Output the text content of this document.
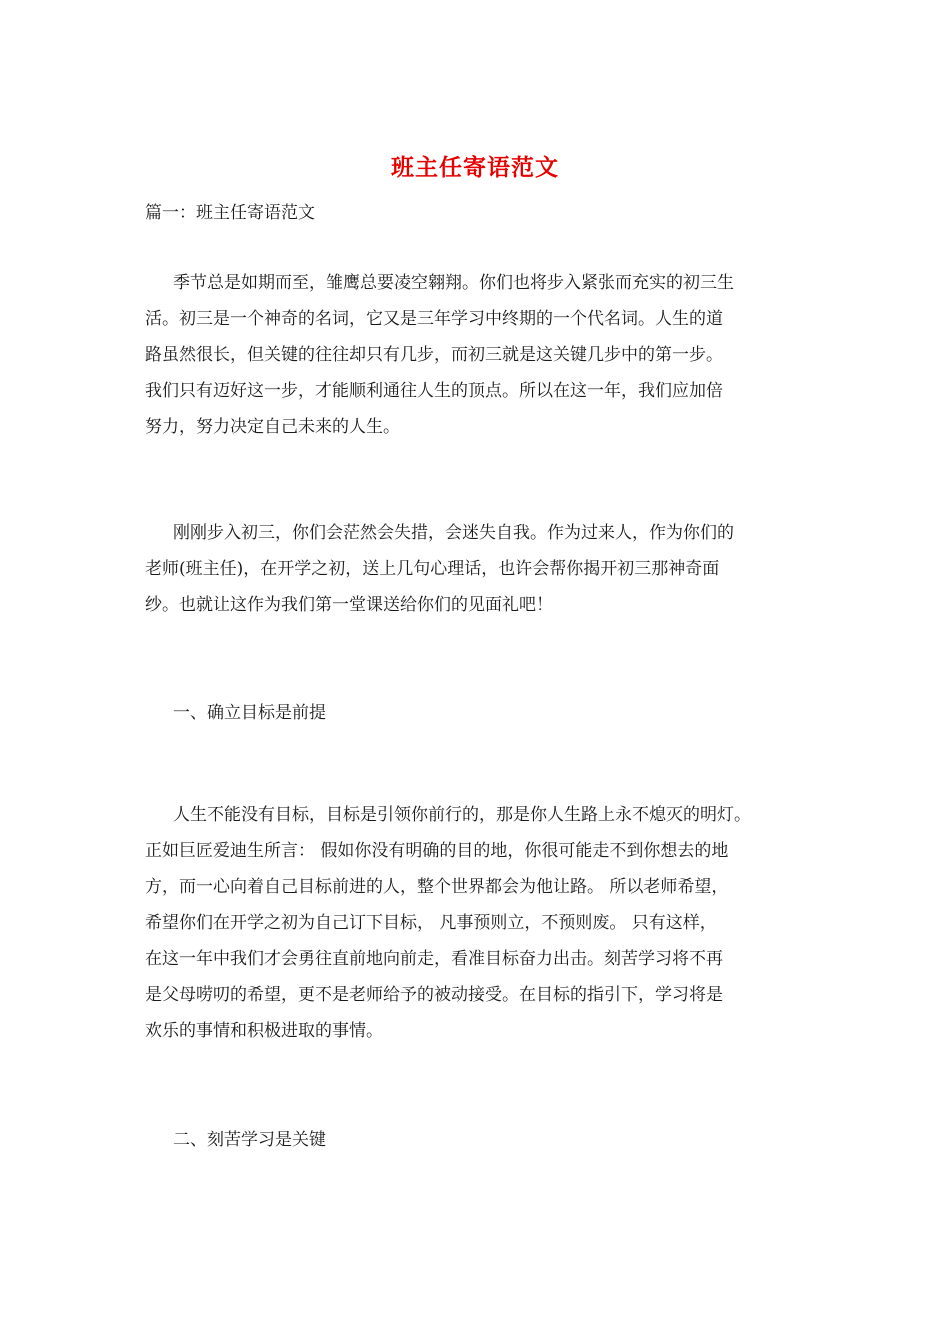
班主任寄语范文
篇一：班主任寄语范文
季节总是如期而至，雏鹰总要凌空翱翔。你们也将步入紧张而充实的初三生
活。初三是一个神奇的名词，它又是三年学习中终期的一个代名词。人生的道
路虽然很长，但关键的往往却只有几步，而初三就是这关键几步中的第一步。
我们只有迈好这一步，才能顺利通往人生的顶点。所以在这一年，我们应加倍
努力，努力决定自己未来的人生。
刚刚步入初三，你们会茫然会失措，会迷失自我。作为过来人，作为你们的
老师(班主任)，在开学之初，送上几句心理话，也许会帮你揭开初三那神奇面
纱。也就让这作为我们第一堂课送给你们的见面礼吧！
一、确立目标是前提
人生不能没有目标，目标是引领你前行的，那是你人生路上永不熄灭的明灯。
正如巨匠爱迪生所言： 假如你没有明确的目的地，你很可能走不到你想去的地
方，而一心向着自己目标前进的人，整个世界都会为他让路。 所以老师希望，
希望你们在开学之初为自己订下目标， 凡事预则立，不预则废。 只有这样，
在这一年中我们才会勇往直前地向前走，看准目标奋力出击。刻苦学习将不再
是父母唠叨的希望，更不是老师给予的被动接受。在目标的指引下，学习将是
欢乐的事情和积极进取的事情。
二、刻苦学习是关键
